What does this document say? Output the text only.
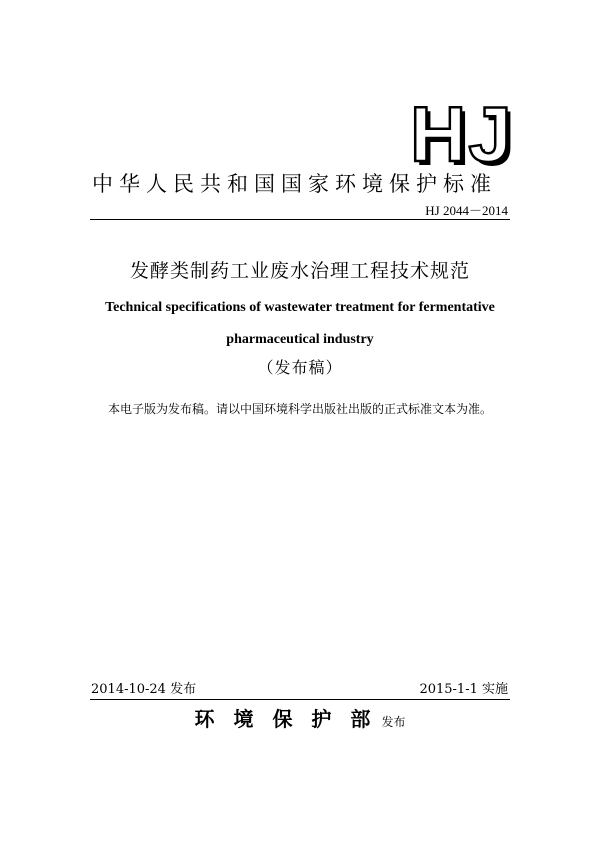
HJ
中华人民共和国国家环境保护标准
HJ 2044－2014
发酵类制药工业废水治理工程技术规范
Technical specifications of wastewater treatment for fermentative
pharmaceutical industry
（发布稿）
本电子版为发布稿。请以中国环境科学出版社出版的正式标准文本为准。
2014-10-24 发布	2015-1-1 实施
环 境 保 护 部 发布
